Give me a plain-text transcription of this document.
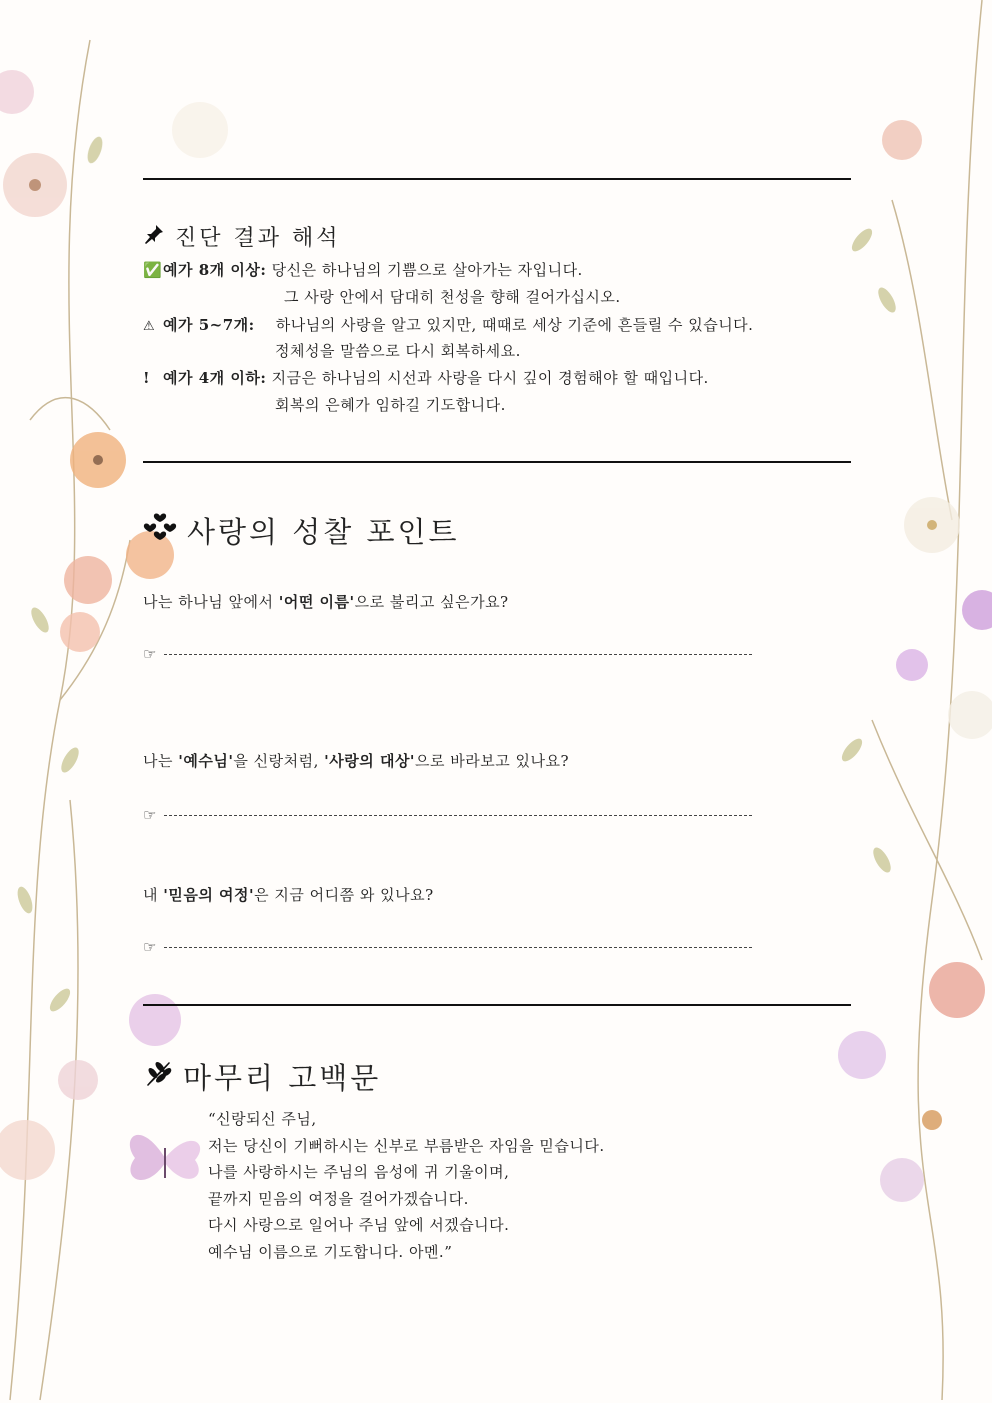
진단 결과 해석
✅예가 8개 이상: 당신은 하나님의 기쁨으로 살아가는 자입니다.
그 사랑 안에서 담대히 천성을 향해 걸어가십시오.
⚠ 예가 5~7개: 하나님의 사랑을 알고 있지만, 때때로 세상 기준에 흔들릴 수 있습니다.
정체성을 말씀으로 다시 회복하세요.
! 예가 4개 이하: 지금은 하나님의 시선과 사랑을 다시 깊이 경험해야 할 때입니다.
회복의 은혜가 임하길 기도합니다.
사랑의 성찰 포인트
나는 하나님 앞에서 '어떤 이름'으로 불리고 싶은가요?
☞
나는 '예수님'을 신랑처럼, '사랑의 대상'으로 바라보고 있나요?
☞
내 '믿음의 여정'은 지금 어디쯤 와 있나요?
☞
마무리 고백문
“신랑되신 주님,
저는 당신이 기뻐하시는 신부로 부름받은 자임을 믿습니다.
나를 사랑하시는 주님의 음성에 귀 기울이며,
끝까지 믿음의 여정을 걸어가겠습니다.
다시 사랑으로 일어나 주님 앞에 서겠습니다.
예수님 이름으로 기도합니다. 아멘.”
